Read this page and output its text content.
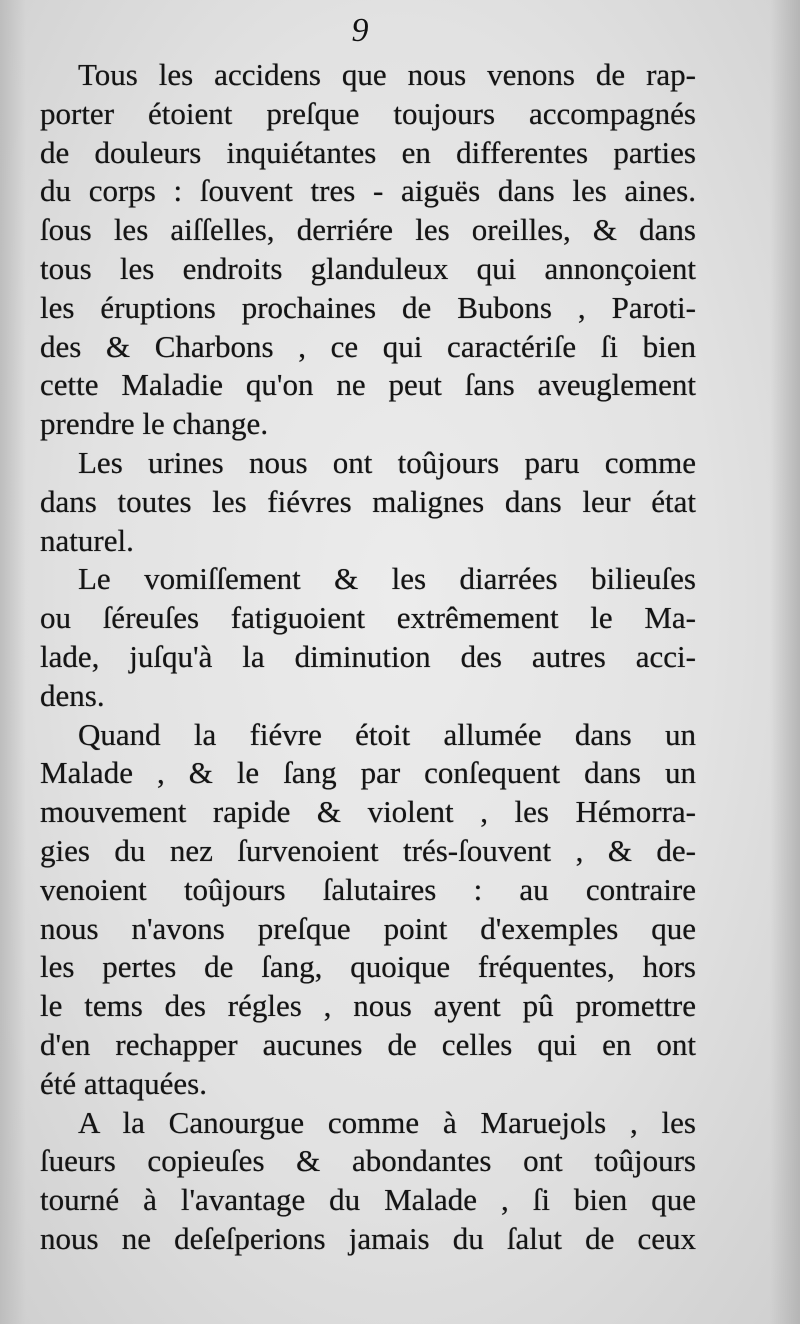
9
Tous les accidens que nous venons de rap-
porter étoient preſque toujours accompagnés
de douleurs inquiétantes en differentes parties
du corps : ſouvent tres - aiguës dans les aines.
ſous les aiſſelles, derriére les oreilles, & dans
tous les endroits glanduleux qui annonçoient
les éruptions prochaines de Bubons , Paroti-
des & Charbons , ce qui caractériſe ſi bien
cette Maladie qu'on ne peut ſans aveuglement
prendre le change.
Les urines nous ont toûjours paru comme
dans toutes les fiévres malignes dans leur état
naturel.
Le vomiſſement & les diarrées bilieuſes
ou ſéreuſes fatiguoient extrêmement le Ma-
lade, juſqu'à la diminution des autres acci-
dens.
Quand la fiévre étoit allumée dans un
Malade , & le ſang par conſequent dans un
mouvement rapide & violent , les Hémorra-
gies du nez ſurvenoient trés-ſouvent , & de-
venoient toûjours ſalutaires : au contraire
nous n'avons preſque point d'exemples que
les pertes de ſang, quoique fréquentes, hors
le tems des régles , nous ayent pû promettre
d'en rechapper aucunes de celles qui en ont
été attaquées.
A la Canourgue comme à Maruejols , les
ſueurs copieuſes & abondantes ont toûjours
tourné à l'avantage du Malade , ſi bien que
nous ne deſeſperions jamais du ſalut de ceux
